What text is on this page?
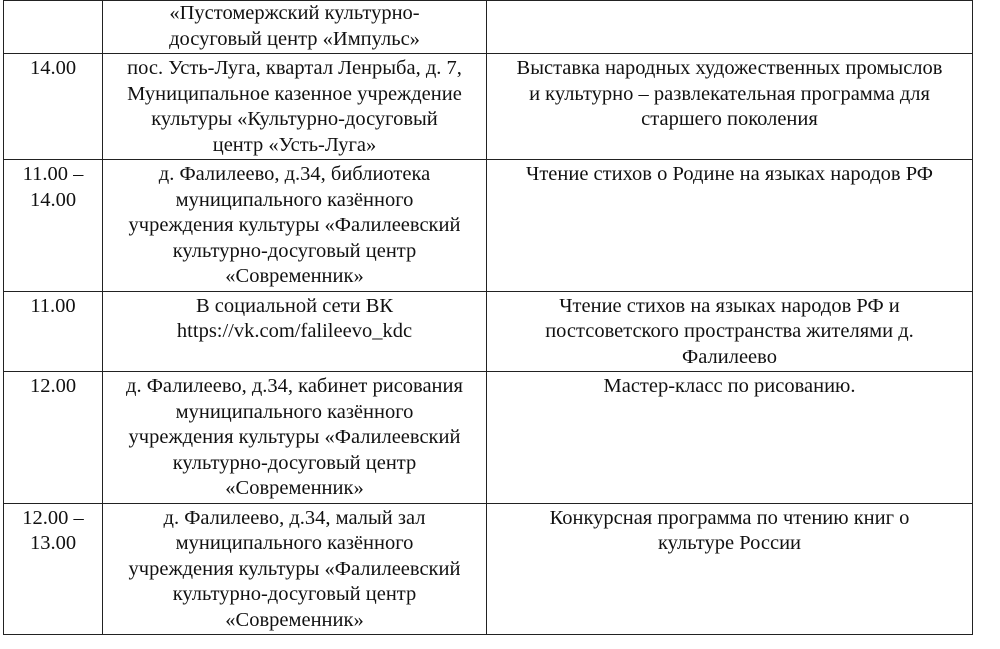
	«Пустомержский культурно-
досуговый центр «Импульс»	

14.00	пос. Усть-Луга, квартал Ленрыба, д. 7,
Муниципальное казенное учреждение
культуры «Культурно-досуговый
центр «Усть-Луга»	Выставка народных художественных промыслов
и культурно – развлекательная программа для
старшего поколения

11.00 –
14.00	д. Фалилеево, д.34, библиотека
муниципального казённого
учреждения культуры «Фалилеевский
культурно-досуговый центр
«Современник»	Чтение стихов о Родине на языках народов РФ

11.00	В социальной сети ВК
https://vk.com/falileevo_kdc	Чтение стихов на языках народов РФ и
постсоветского пространства жителями д.
Фалилеево

12.00	д. Фалилеево, д.34, кабинет рисования
муниципального казённого
учреждения культуры «Фалилеевский
культурно-досуговый центр
«Современник»	Мастер-класс по рисованию.

12.00 –
13.00	д. Фалилеево, д.34, малый зал
муниципального казённого
учреждения культуры «Фалилеевский
культурно-досуговый центр
«Современник»	Конкурсная программа по чтению книг о
культуре России
